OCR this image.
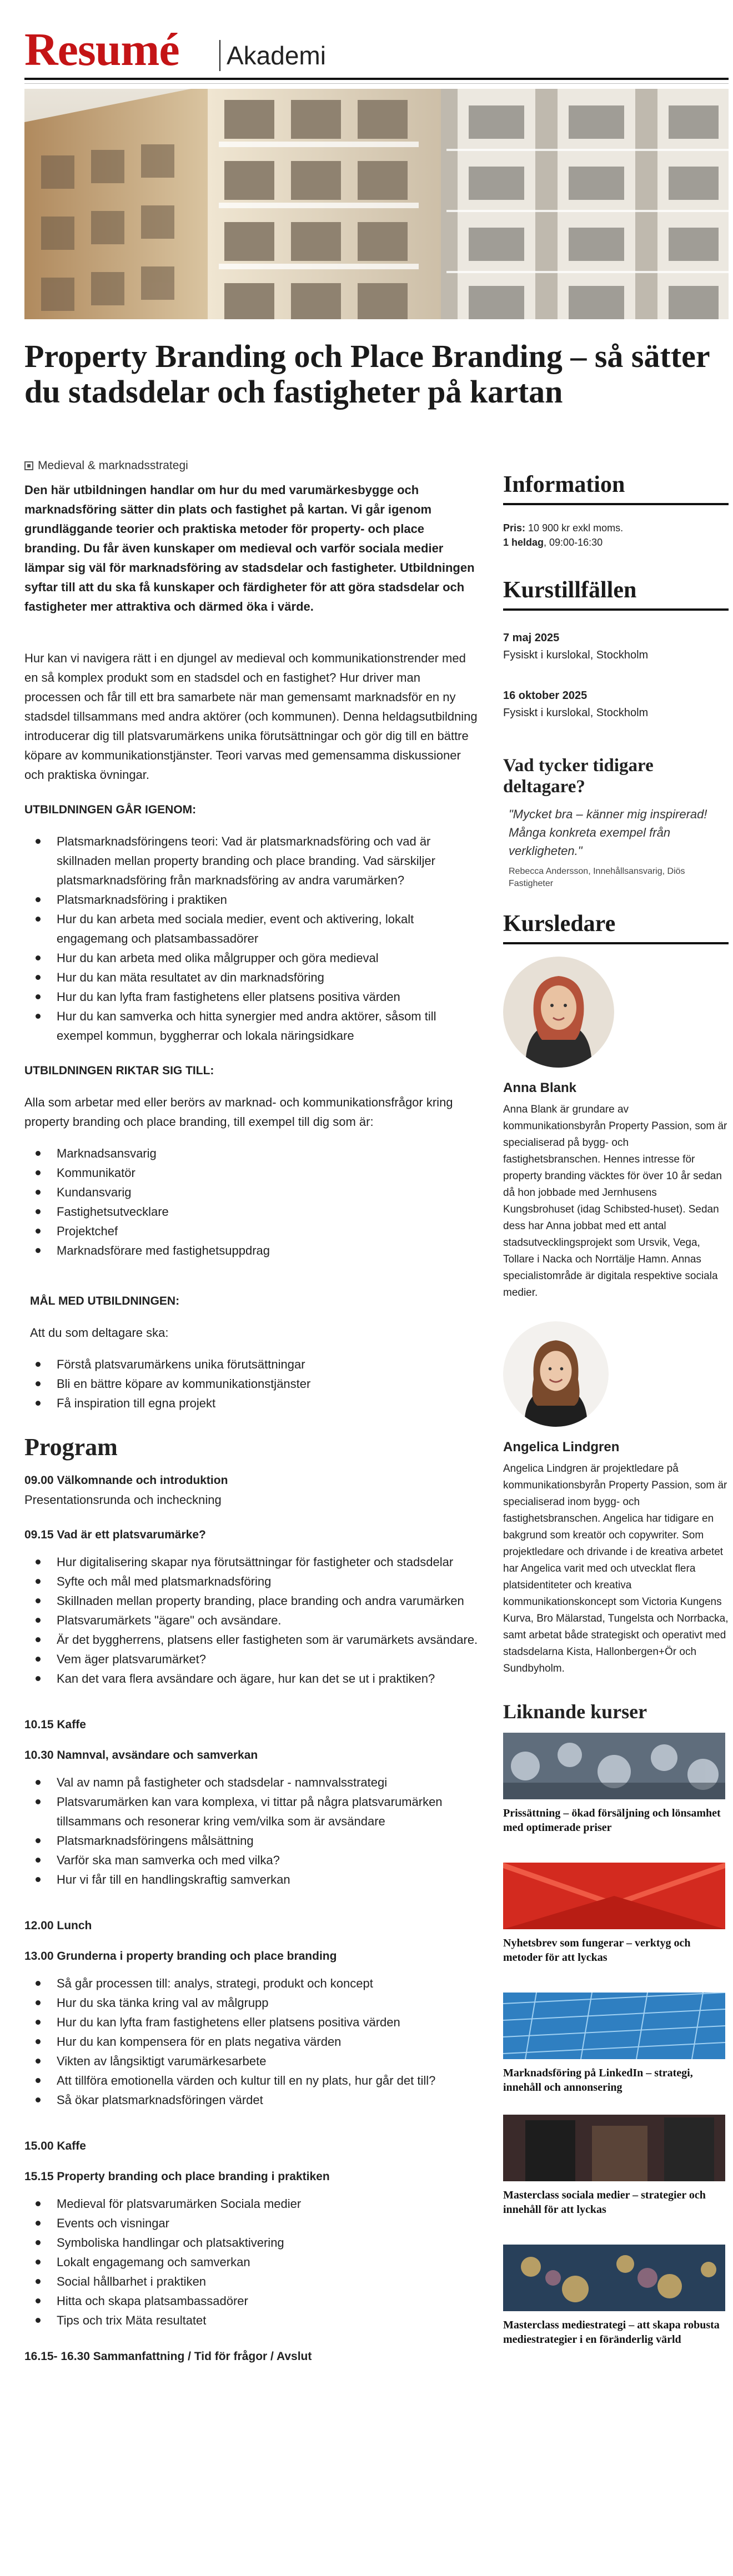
Resumé Akademi
Property Branding och Place Branding – så sätter du stadsdelar och fastigheter på kartan
Medieval & marknadsstrategi

Den här utbildningen handlar om hur du med varumärkesbygge och marknadsföring sätter din plats och fastighet på kartan. Vi går igenom grundläggande teorier och praktiska metoder för property- och place branding. Du får även kunskaper om medieval och varför sociala medier lämpar sig väl för marknadsföring av stadsdelar och fastigheter. Utbildningen syftar till att du ska få kunskaper och färdigheter för att göra stadsdelar och fastigheter mer attraktiva och därmed öka i värde.

Hur kan vi navigera rätt i en djungel av medieval och kommunikationstrender med en så komplex produkt som en stadsdel och en fastighet? Hur driver man processen och får till ett bra samarbete när man gemensamt marknadsför en ny stadsdel tillsammans med andra aktörer (och kommunen). Denna heldagsutbildning introducerar dig till platsvarumärkens unika förutsättningar och gör dig till en bättre köpare av kommunikationstjänster. Teori varvas med gemensamma diskussioner och praktiska övningar.

UTBILDNINGEN GÅR IGENOM:
Platsmarknadsföringens teori: Vad är platsmarknadsföring och vad är skillnaden mellan property branding och place branding. Vad särskiljer platsmarknadsföring från marknadsföring av andra varumärken?
Platsmarknadsföring i praktiken
Hur du kan arbeta med sociala medier, event och aktivering, lokalt engagemang och platsambassadörer
Hur du kan arbeta med olika målgrupper och göra medieval
Hur du kan mäta resultatet av din marknadsföring
Hur du kan lyfta fram fastighetens eller platsens positiva värden
Hur du kan samverka och hitta synergier med andra aktörer, såsom till exempel kommun, byggherrar och lokala näringsidkare
UTBILDNINGEN RIKTAR SIG TILL:

Alla som arbetar med eller berörs av marknad- och kommunikationsfrågor kring property branding och place branding, till exempel till dig som är:

Marknadsansvarig
Kommunikatör
Kundansvarig
Fastighetsutvecklare
Projektchef
Marknadsförare med fastighetsuppdrag
MÅL MED UTBILDNINGEN:

Att du som deltagare ska:

Förstå platsvarumärkens unika förutsättningar
Bli en bättre köpare av kommunikationstjänster
Få inspiration till egna projekt
Program
09.00 Välkomnande och introduktion
Presentationsrunda och incheckning
09.15 Vad är ett platsvarumärke?
Hur digitalisering skapar nya förutsättningar för fastigheter och stadsdelar
Syfte och mål med platsmarknadsföring
Skillnaden mellan property branding, place branding och andra varumärken
Platsvarumärkets "ägare" och avsändare.
Är det byggherrens, platsens eller fastigheten som är varumärkets avsändare.
Vem äger platsvarumärket?
Kan det vara flera avsändare och ägare, hur kan det se ut i praktiken?
10.15 Kaffe
10.30 Namnval, avsändare och samverkan
Val av namn på fastigheter och stadsdelar - namnvalsstrategi
Platsvarumärken kan vara komplexa, vi tittar på några platsvarumärken tillsammans och resonerar kring vem/vilka som är avsändare
Platsmarknadsföringens målsättning
Varför ska man samverka och med vilka?
Hur vi får till en handlingskraftig samverkan
12.00 Lunch
13.00 Grunderna i property branding och place branding
Så går processen till: analys, strategi, produkt och koncept
Hur du ska tänka kring val av målgrupp
Hur du kan lyfta fram fastighetens eller platsens positiva värden
Hur du kan kompensera för en plats negativa värden
Vikten av långsiktigt varumärkesarbete
Att tillföra emotionella värden och kultur till en ny plats, hur går det till?
Så ökar platsmarknadsföringen värdet
15.00 Kaffe
15.15 Property branding och place branding i praktiken
Medieval för platsvarumärken Sociala medier
Events och visningar
Symboliska handlingar och platsaktivering
Lokalt engagemang och samverkan
Social hållbarhet i praktiken
Hitta och skapa platsambassadörer
Tips och trix Mäta resultatet
16.15- 16.30 Sammanfattning / Tid för frågor / Avslut
Information
Pris: 10 900 kr exkl moms.
1 heldag, 09:00-16:30
Kurstillfällen
7 maj 2025
Fysiskt i kurslokal, Stockholm
16 oktober 2025
Fysiskt i kurslokal, Stockholm
Vad tycker tidigare deltagare?

"Mycket bra – känner mig inspirerad! Många konkreta exempel från verkligheten."

Rebecca Andersson, Innehållsansvarig, Diös Fastigheter

Kursledare
Anna Blank

Anna Blank är grundare av kommunikationsbyrån Property Passion, som är specialiserad på bygg- och fastighetsbranschen. Hennes intresse för property branding väcktes för över 10 år sedan då hon jobbade med Jernhusens Kungsbrohuset (idag Schibsted-huset). Sedan dess har Anna jobbat med ett antal stadsutvecklingsprojekt som Ursvik, Vega, Tollare i Nacka och Norrtälje Hamn. Annas specialistområde är digitala respektive sociala medier.

Angelica Lindgren

Angelica Lindgren är projektledare på kommunikationsbyrån Property Passion, som är specialiserad inom bygg- och fastighetsbranschen. Angelica har tidigare en bakgrund som kreatör och copywriter. Som projektledare och drivande i de kreativa arbetet har Angelica varit med och utvecklat flera platsidentiteter och kreativa kommunikationskoncept som Victoria Kungens Kurva, Bro Mälarstad, Tungelsta och Norrbacka, samt arbetat både strategiskt och operativt med stadsdelarna Kista, Hallonbergen+Ör och Sundbyholm.

Liknande kurser
Prissättning – ökad försäljning och lönsamhet med optimerade priser
Nyhetsbrev som fungerar – verktyg och metoder för att lyckas
Marknadsföring på LinkedIn – strategi, innehåll och annonsering
Masterclass sociala medier – strategier och innehåll för att lyckas
Masterclass mediestrategi – att skapa robusta mediestrategier i en föränderlig värld
